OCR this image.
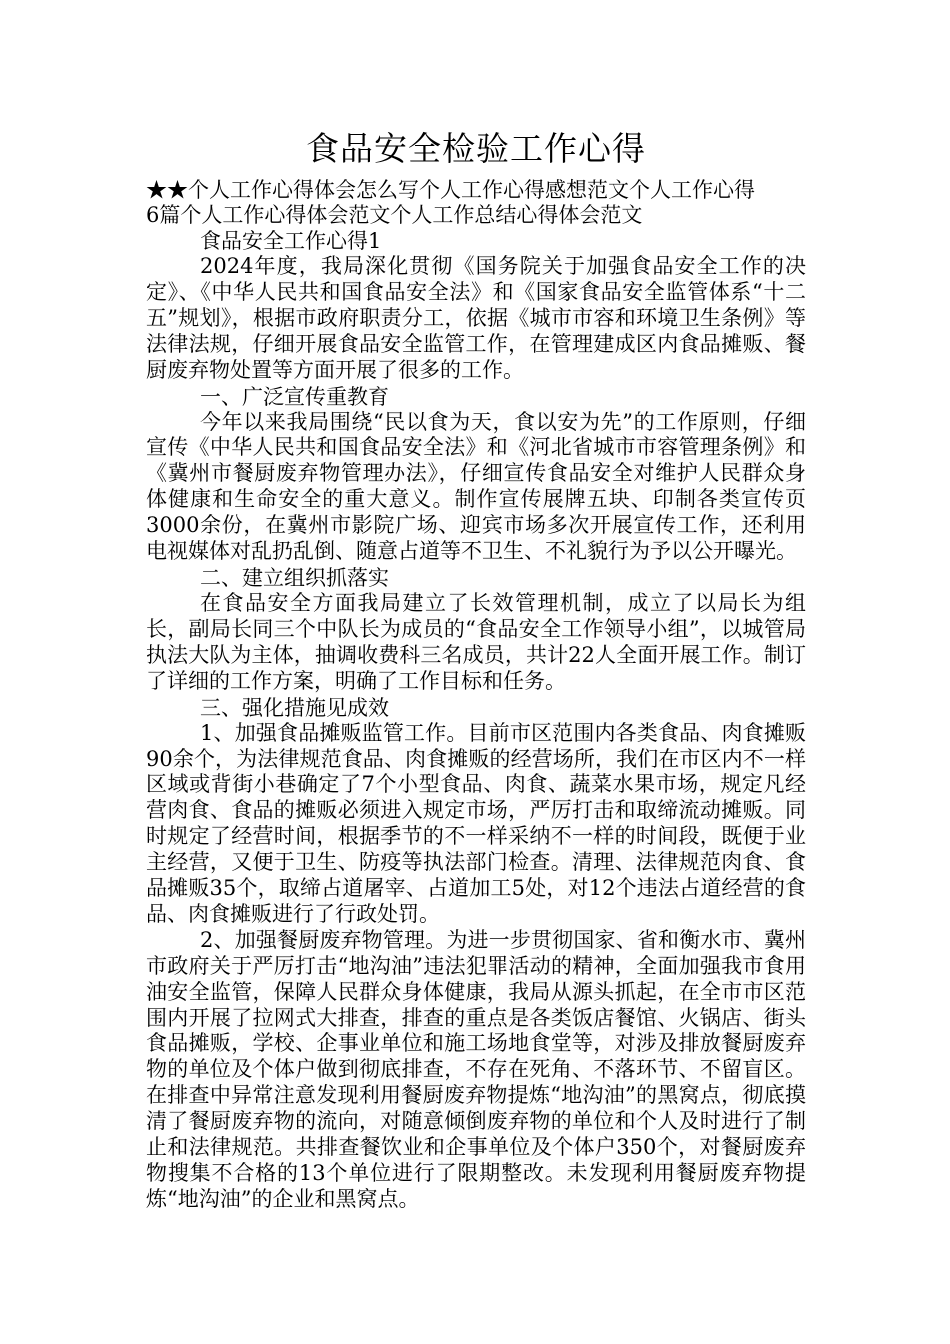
食品安全检验工作心得

★★个人工作心得体会怎么写个人工作心得感想范文个人工作心得

6篇个人工作心得体会范文个人工作总结心得体会范文

食品安全工作心得1

2024年度，我局深化贯彻《国务院关于加强食品安全工作的决定》、《中华人民共和国食品安全法》和《国家食品安全监管体系“十二五”规划》，根据市政府职责分工，依据《城市市容和环境卫生条例》等法律法规，仔细开展食品安全监管工作，在管理建成区内食品摊贩、餐厨废弃物处置等方面开展了很多的工作。

一、广泛宣传重教育

今年以来我局围绕“民以食为天，食以安为先”的工作原则，仔细宣传《中华人民共和国食品安全法》和《河北省城市市容管理条例》和《冀州市餐厨废弃物管理办法》，仔细宣传食品安全对维护人民群众身体健康和生命安全的重大意义。制作宣传展牌五块、印制各类宣传页3000余份，在冀州市影院广场、迎宾市场多次开展宣传工作，还利用电视媒体对乱扔乱倒、随意占道等不卫生、不礼貌行为予以公开曝光。

二、建立组织抓落实

在食品安全方面我局建立了长效管理机制，成立了以局长为组长，副局长同三个中队长为成员的“食品安全工作领导小组”，以城管局执法大队为主体，抽调收费科三名成员，共计22人全面开展工作。制订了详细的工作方案，明确了工作目标和任务。

三、强化措施见成效

1、加强食品摊贩监管工作。目前市区范围内各类食品、肉食摊贩90余个，为法律规范食品、肉食摊贩的经营场所，我们在市区内不一样区域或背街小巷确定了7个小型食品、肉食、蔬菜水果市场，规定凡经营肉食、食品的摊贩必须进入规定市场，严厉打击和取缔流动摊贩。同时规定了经营时间，根据季节的不一样采纳不一样的时间段，既便于业主经营，又便于卫生、防疫等执法部门检查。清理、法律规范肉食、食品摊贩35个，取缔占道屠宰、占道加工5处，对12个违法占道经营的食品、肉食摊贩进行了行政处罚。

2、加强餐厨废弃物管理。为进一步贯彻国家、省和衡水市、冀州市政府关于严厉打击“地沟油”违法犯罪活动的精神，全面加强我市食用油安全监管，保障人民群众身体健康，我局从源头抓起，在全市市区范围内开展了拉网式大排查，排查的重点是各类饭店餐馆、火锅店、街头食品摊贩，学校、企事业单位和施工场地食堂等，对涉及排放餐厨废弃物的单位及个体户做到彻底排查，不存在死角、不落环节、不留盲区。在排查中异常注意发现利用餐厨废弃物提炼“地沟油”的黑窝点，彻底摸清了餐厨废弃物的流向，对随意倾倒废弃物的单位和个人及时进行了制止和法律规范。共排查餐饮业和企事单位及个体户350个，对餐厨废弃物搜集不合格的13个单位进行了限期整改。未发现利用餐厨废弃物提炼“地沟油”的企业和黑窝点。
